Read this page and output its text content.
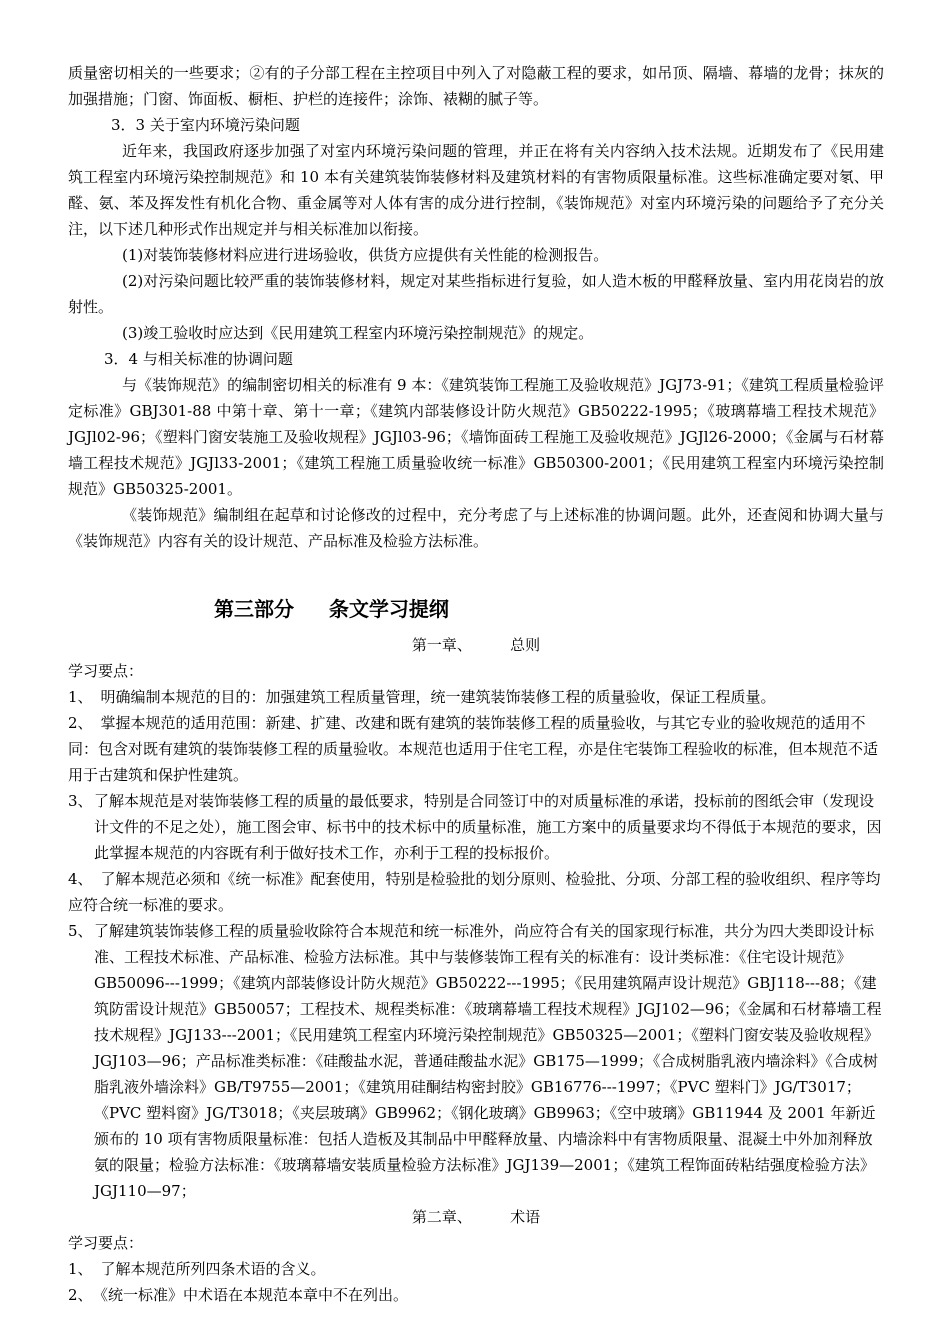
质量密切相关的一些要求；②有的子分部工程在主控项目中列入了对隐蔽工程的要求，如吊顶、隔墙、幕墙的龙骨；抹灰的加强措施；门窗、饰面板、橱柜、护栏的连接件；涂饰、裱糊的腻子等。

3．3 关于室内环境污染问题

近年来，我国政府逐步加强了对室内环境污染问题的管理，并正在将有关内容纳入技术法规。近期发布了《民用建筑工程室内环境污染控制规范》和 10 本有关建筑装饰装修材料及建筑材料的有害物质限量标准。这些标准确定要对氡、甲醛、氨、苯及挥发性有机化合物、重金属等对人体有害的成分进行控制，《装饰规范》对室内环境污染的问题给予了充分关注，以下述几种形式作出规定并与相关标准加以衔接。

(1)对装饰装修材料应进行进场验收，供货方应提供有关性能的检测报告。

(2)对污染问题比较严重的装饰装修材料，规定对某些指标进行复验，如人造木板的甲醛释放量、室内用花岗岩的放射性。

(3)竣工验收时应达到《民用建筑工程室内环境污染控制规范》的规定。

3．4 与相关标准的协调问题

与《装饰规范》的编制密切相关的标准有 9 本：《建筑装饰工程施工及验收规范》JGJ73-91；《建筑工程质量检验评定标准》GBJ301-88 中第十章、第十一章；《建筑内部装修设计防火规范》GB50222-1995；《玻璃幕墙工程技术规范》JGJl02-96；《塑料门窗安装施工及验收规程》JGJl03-96；《墙饰面砖工程施工及验收规范》JGJl26-2000；《金属与石材幕墙工程技术规范》JGJl33-2001；《建筑工程施工质量验收统一标准》GB50300-2001；《民用建筑工程室内环境污染控制规范》GB50325-2001。

《装饰规范》编制组在起草和讨论修改的过程中，充分考虑了与上述标准的协调问题。此外，还查阅和协调大量与《装饰规范》内容有关的设计规范、产品标准及检验方法标准。

第三部分     条文学习提纲
第一章、        总则

学习要点：

1、 明确编制本规范的目的：加强建筑工程质量管理，统一建筑装饰装修工程的质量验收，保证工程质量。
2、 掌握本规范的适用范围：新建、扩建、改建和既有建筑的装饰装修工程的质量验收，与其它专业的验收规范的适用不同：包含对既有建筑的装饰装修工程的质量验收。本规范也适用于住宅工程，亦是住宅装饰工程验收的标准，但本规范不适用于古建筑和保护性建筑。
3、 了解本规范是对装饰装修工程的质量的最低要求，特别是合同签订中的对质量标准的承诺，投标前的图纸会审（发现设计文件的不足之处），施工图会审、标书中的技术标中的质量标准，施工方案中的质量要求均不得低于本规范的要求，因此掌握本规范的内容既有利于做好技术工作，亦利于工程的投标报价。
4、 了解本规范必须和《统一标准》配套使用，特别是检验批的划分原则、检验批、分项、分部工程的验收组织、程序等均应符合统一标准的要求。
5、 了解建筑装饰装修工程的质量验收除符合本规范和统一标准外，尚应符合有关的国家现行标准，共分为四大类即设计标准、工程技术标准、产品标准、检验方法标准。其中与装修装饰工程有关的标准有：设计类标准：《住宅设计规范》GB50096---1999；《建筑内部装修设计防火规范》GB50222---1995；《民用建筑隔声设计规范》GBJ118---88；《建筑防雷设计规范》GB50057；工程技术、规程类标准：《玻璃幕墙工程技术规程》JGJ102—96；《金属和石材幕墙工程技术规程》JGJ133---2001；《民用建筑工程室内环境污染控制规范》GB50325—2001；《塑料门窗安装及验收规程》JGJ103—96；产品标准类标准：《硅酸盐水泥，普通硅酸盐水泥》GB175—1999；《合成树脂乳液内墙涂料》《合成树脂乳液外墙涂料》GB/T9755—2001；《建筑用硅酮结构密封胶》GB16776---1997；《PVC 塑料门》JG/T3017；《PVC 塑料窗》JG/T3018；《夹层玻璃》GB9962；《钢化玻璃》GB9963；《空中玻璃》GB11944 及 2001 年新近颁布的 10 项有害物质限量标准：包括人造板及其制品中甲醛释放量、内墙涂料中有害物质限量、混凝土中外加剂释放氨的限量；检验方法标准：《玻璃幕墙安装质量检验方法标准》JGJ139—2001；《建筑工程饰面砖粘结强度检验方法》JGJ110—97；
第二章、        术语

学习要点：

1、 了解本规范所列四条术语的含义。
2、 《统一标准》中术语在本规范本章中不在列出。
